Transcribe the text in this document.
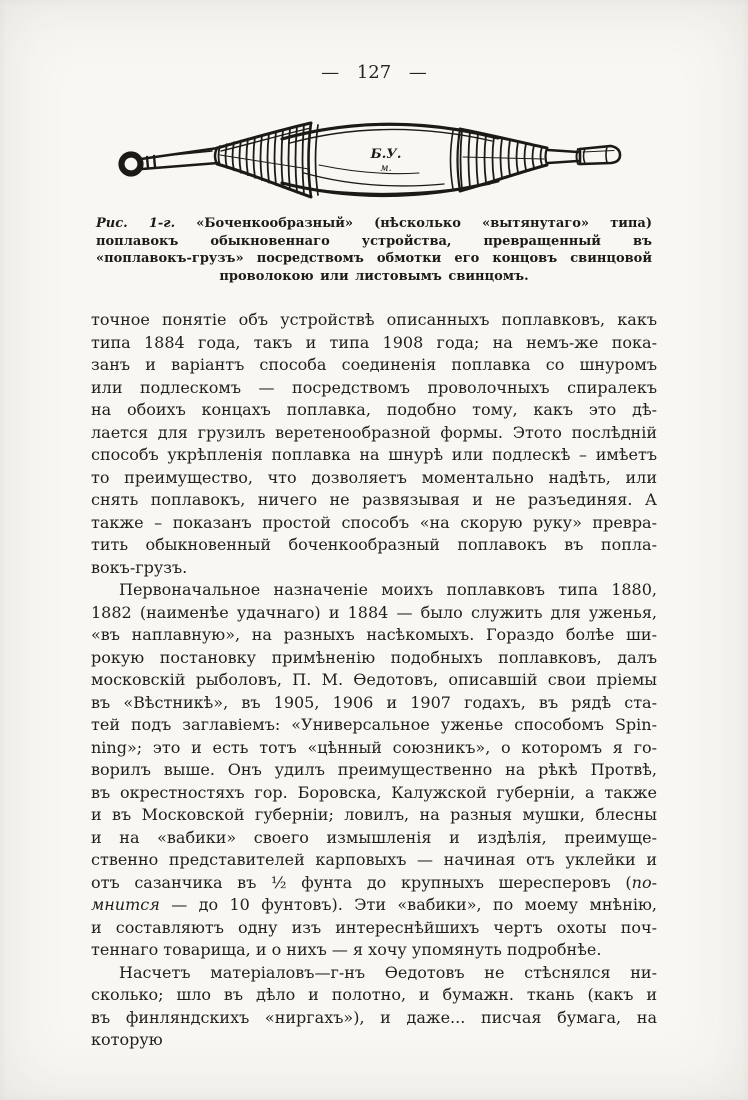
— 127 —
Б.У.
м.
Рис. 1-г. «Боченкообразный» (нѣсколько «вытянутаго» типа) поплавокъ обыкновеннаго устройства, превращенный въ «поплавокъ-грузъ» посредствомъ обмотки его концовъ свинцовой проволокою или листовымъ свинцомъ.
точное понятіе объ устройствѣ описанныхъ поплавковъ, какъ
типа 1884 года, такъ и типа 1908 года; на немъ-же пока-
занъ и варіантъ способа соединенія поплавка со шнуромъ
или подлескомъ — посредствомъ проволочныхъ спиралекъ
на обоихъ концахъ поплавка, подобно тому, какъ это дѣ-
лается для грузилъ веретенообразной формы. Этото послѣдній
способъ укрѣпленія поплавка на шнурѣ или подлескѣ – имѣетъ
то преимущество, что дозволяетъ моментально надѣть, или
снять поплавокъ, ничего не развязывая и не разъединяя. А
также – показанъ простой способъ «на скорую руку» превра-
тить обыкновенный боченкообразный поплавокъ въ попла-
вокъ-грузъ.
Первоначальное назначеніе моихъ поплавковъ типа 1880,
1882 (наименѣе удачнаго) и 1884 — было служить для уженья,
«въ наплавную», на разныхъ насѣкомыхъ. Гораздо болѣе ши-
рокую постановку примѣненію подобныхъ поплавковъ, далъ
московскій рыболовъ, П. М. Ѳедотовъ, описавшій свои пріемы
въ «Вѣстникѣ», въ 1905, 1906 и 1907 годахъ, въ рядѣ ста-
тей подъ заглавіемъ: «Универсальное уженье способомъ Spin-
ning»; это и есть тотъ «цѣнный союзникъ», о которомъ я го-
ворилъ выше. Онъ удилъ преимущественно на рѣкѣ Протвѣ,
въ окрестностяхъ гор. Боровска, Калужской губерніи, а также
и въ Московской губерніи; ловилъ, на разныя мушки, блесны
и на «вабики» своего измышленія и издѣлія, преимуще-
ственно представителей карповыхъ — начиная отъ уклейки и
отъ сазанчика въ ½ фунта до крупныхъ шересперовъ (по-
мнится — до 10 фунтовъ). Эти «вабики», по моему мнѣнію,
и составляютъ одну изъ интереснѣйшихъ чертъ охоты поч-
теннаго товарища, и о нихъ — я хочу упомянуть подробнѣе.
Насчетъ матеріаловъ—г-нъ Ѳедотовъ не стѣснялся ни-
сколько; шло въ дѣло и полотно, и бумажн. ткань (какъ и
въ финляндскихъ «ниргахъ»), и даже... писчая бумага, на которую
